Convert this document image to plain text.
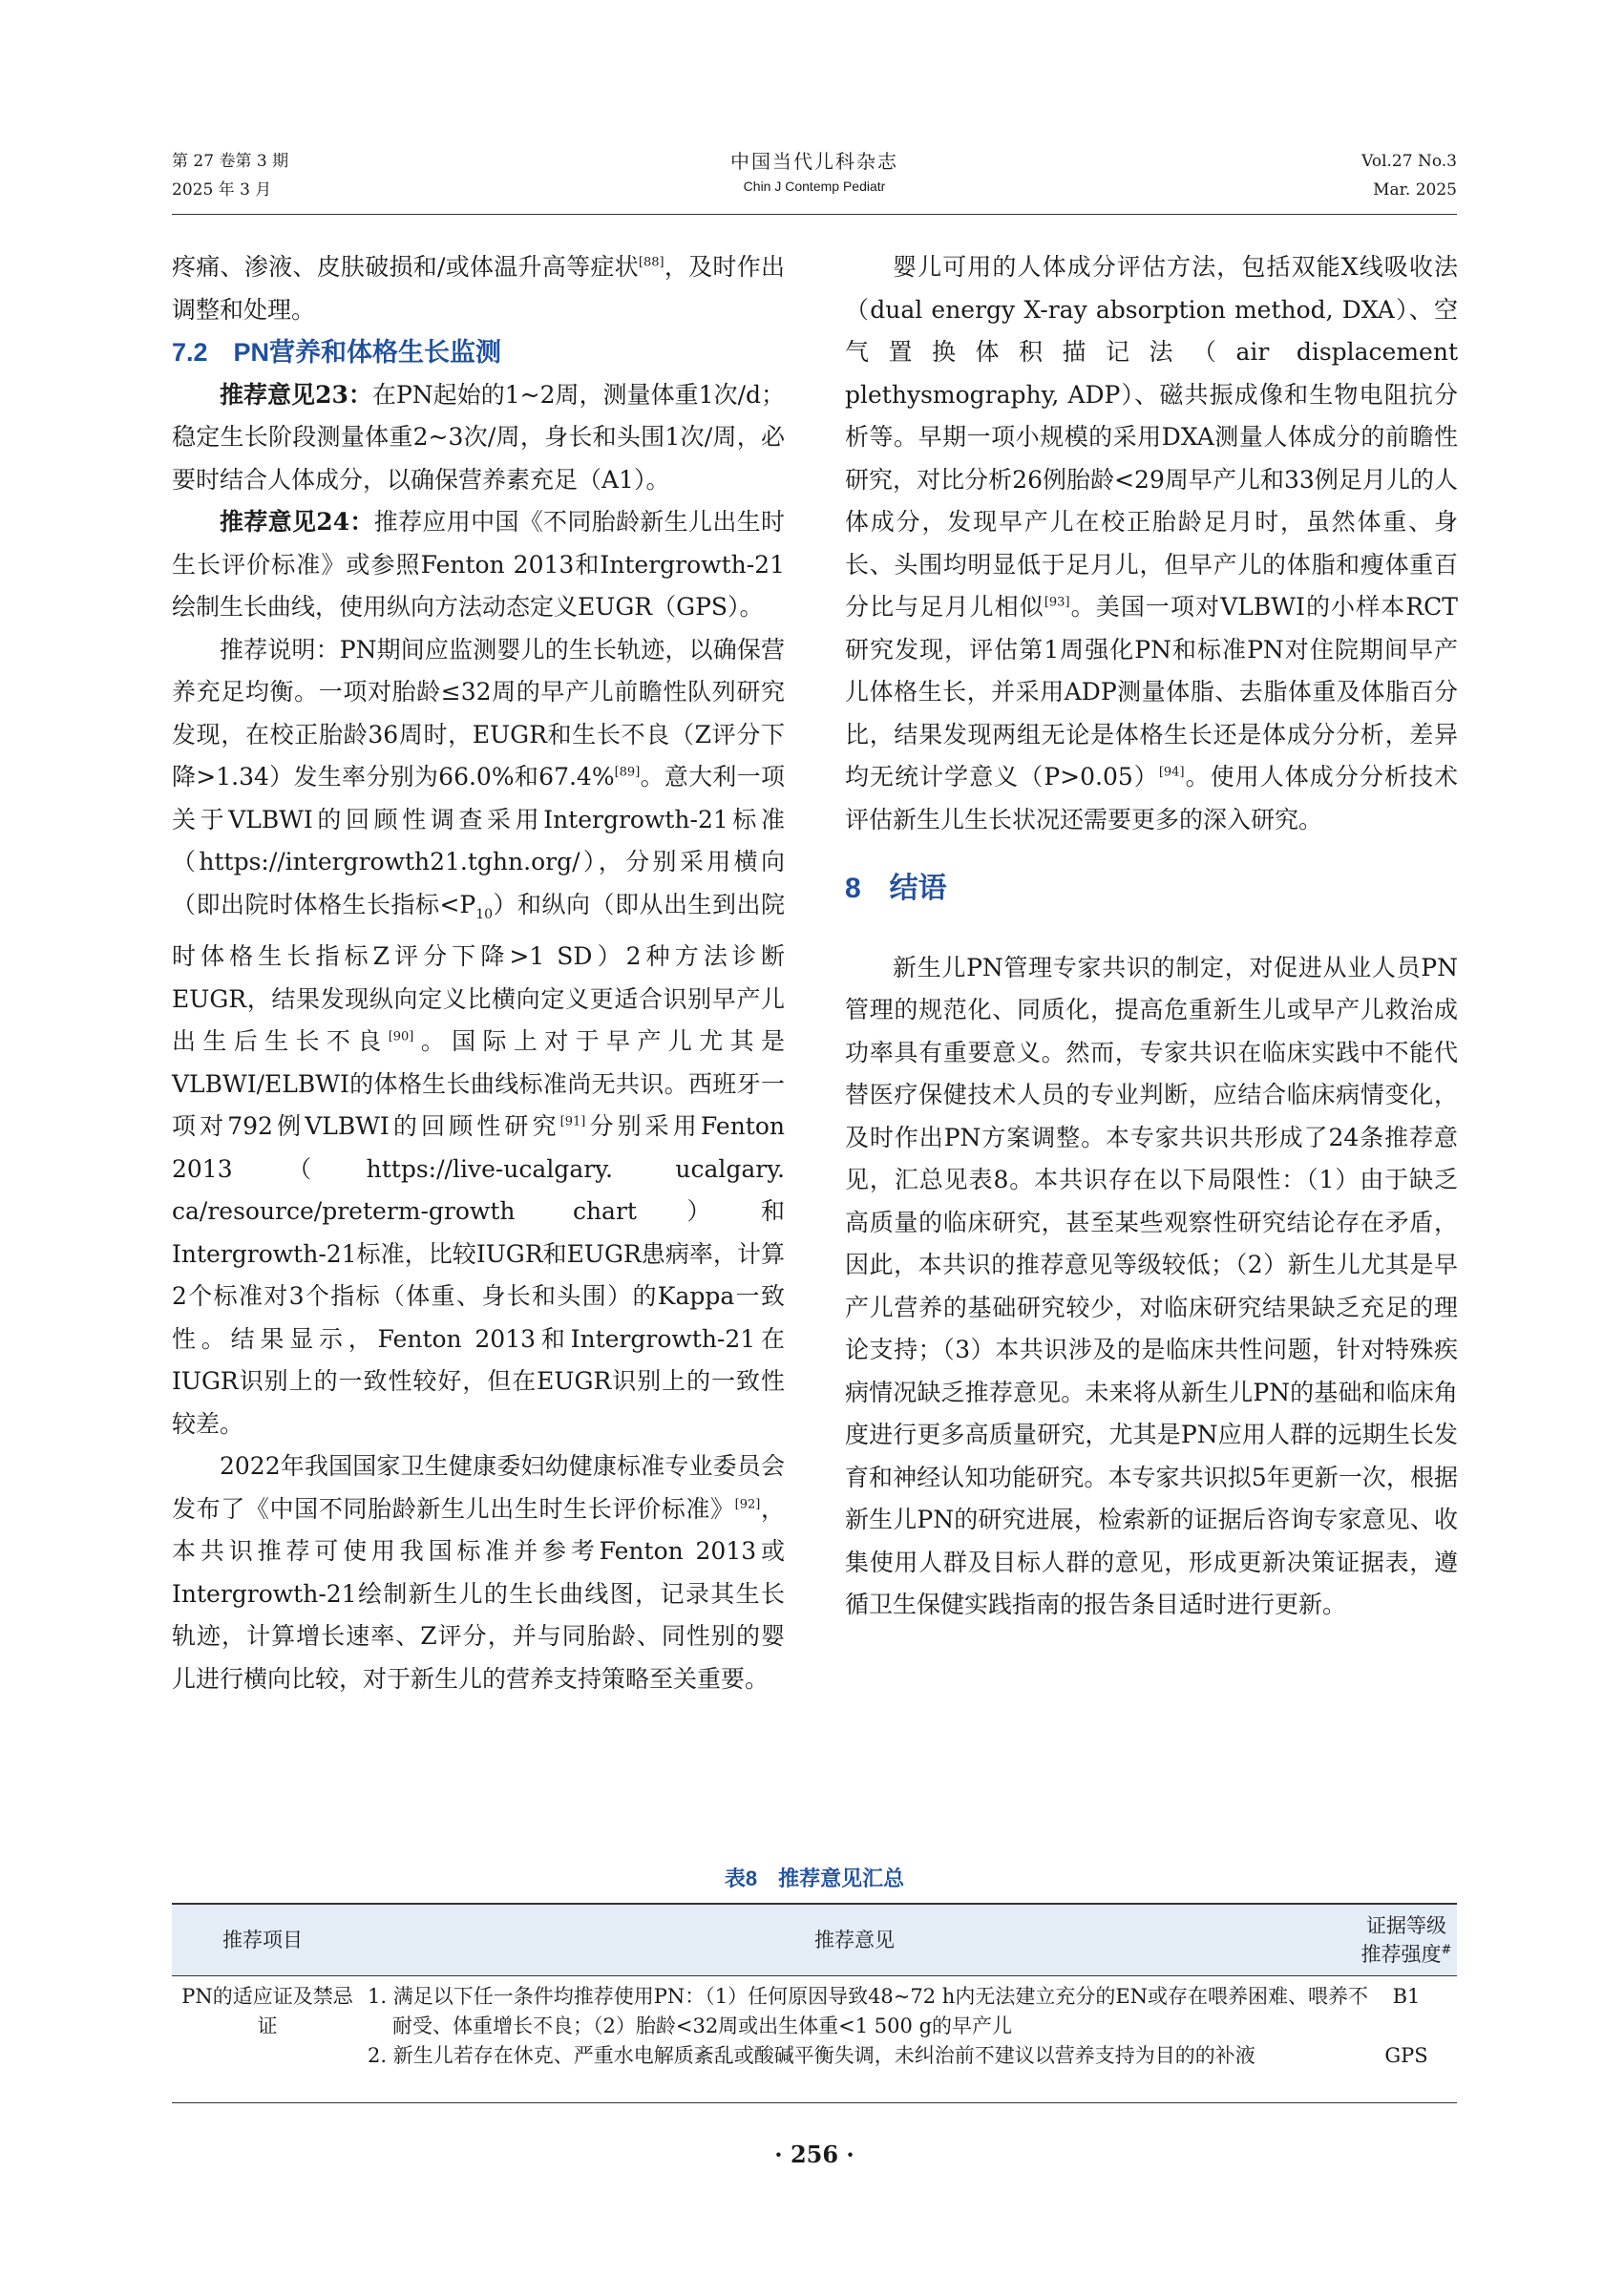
第 27 卷第 3 期
2025 年 3 月
中国当代儿科杂志
Chin J Contemp Pediatr
Vol.27 No.3
Mar. 2025

疼痛、渗液、皮肤破损和/或体温升高等症状[88]，及时作出调整和处理。

7.2　PN营养和体格生长监测

推荐意见23：在PN起始的1~2周，测量体重1次/d；稳定生长阶段测量体重2~3次/周，身长和头围1次/周，必要时结合人体成分，以确保营养素充足（A1）。

推荐意见24：推荐应用中国《不同胎龄新生儿出生时生长评价标准》或参照Fenton 2013和Intergrowth-21绘制生长曲线，使用纵向方法动态定义EUGR（GPS）。

推荐说明：PN期间应监测婴儿的生长轨迹，以确保营养充足均衡。一项对胎龄≤32周的早产儿前瞻性队列研究发现，在校正胎龄36周时，EUGR和生长不良（Z评分下降>1.34）发生率分别为66.0%和67.4%[89]。意大利一项关于VLBWI的回顾性调查采用Intergrowth-21标准（https://intergrowth21.tghn.org/），分别采用横向（即出院时体格生长指标$<P_{10}$）和纵向（即从出生到出院时体格生长指标Z评分下降>1 SD）2种方法诊断EUGR，结果发现纵向定义比横向定义更适合识别早产儿出生后生长不良[90]。国际上对于早产儿尤其是VLBWI/ELBWI的体格生长曲线标准尚无共识。西班牙一项对792例VLBWI的回顾性研究[91]分别采用Fenton 2013（https://live-ucalgary. ucalgary. ca/resource/preterm-growth chart）和Intergrowth-21标准，比较IUGR和EUGR患病率，计算2个标准对3个指标（体重、身长和头围）的Kappa一致性。结果显示，Fenton 2013和Intergrowth-21在IUGR识别上的一致性较好，但在EUGR识别上的一致性较差。

2022年我国国家卫生健康委妇幼健康标准专业委员会发布了《中国不同胎龄新生儿出生时生长评价标准》[92]，本共识推荐可使用我国标准并参考Fenton 2013或Intergrowth-21绘制新生儿的生长曲线图，记录其生长轨迹，计算增长速率、Z评分，并与同胎龄、同性别的婴儿进行横向比较，对于新生儿的营养支持策略至关重要。

婴儿可用的人体成分评估方法，包括双能X线吸收法（dual energy X-ray absorption method, DXA）、空气置换体积描记法（air displacement plethysmography, ADP）、磁共振成像和生物电阻抗分析等。早期一项小规模的采用DXA测量人体成分的前瞻性研究，对比分析26例胎龄<29周早产儿和33例足月儿的人体成分，发现早产儿在校正胎龄足月时，虽然体重、身长、头围均明显低于足月儿，但早产儿的体脂和瘦体重百分比与足月儿相似[93]。美国一项对VLBWI的小样本RCT研究发现，评估第1周强化PN和标准PN对住院期间早产儿体格生长，并采用ADP测量体脂、去脂体重及体脂百分比，结果发现两组无论是体格生长还是体成分分析，差异均无统计学意义（P>0.05）[94]。使用人体成分分析技术评估新生儿生长状况还需要更多的深入研究。

8　结语

新生儿PN管理专家共识的制定，对促进从业人员PN管理的规范化、同质化，提高危重新生儿或早产儿救治成功率具有重要意义。然而，专家共识在临床实践中不能代替医疗保健技术人员的专业判断，应结合临床病情变化，及时作出PN方案调整。本专家共识共形成了24条推荐意见，汇总见表8。本共识存在以下局限性：（1）由于缺乏高质量的临床研究，甚至某些观察性研究结论存在矛盾，因此，本共识的推荐意见等级较低；（2）新生儿尤其是早产儿营养的基础研究较少，对临床研究结果缺乏充足的理论支持；（3）本共识涉及的是临床共性问题，针对特殊疾病情况缺乏推荐意见。未来将从新生儿PN的基础和临床角度进行更多高质量研究，尤其是PN应用人群的远期生长发育和神经认知功能研究。本专家共识拟5年更新一次，根据新生儿PN的研究进展，检索新的证据后咨询专家意见、收集使用人群及目标人群的意见，形成更新决策证据表，遵循卫生保健实践指南的报告条目适时进行更新。

表8　推荐意见汇总
推荐项目	推荐意见
证据等级
推荐强度#
PN的适应证及禁忌证
1. 满足以下任一条件均推荐使用PN：（1）任何原因导致48~72 h内无法建立充分的EN或存在喂养困难、喂养不耐受、体重增长不良；（2）胎龄<32周或出生体重<1 500 g的早产儿
B1
2. 新生儿若存在休克、严重水电解质紊乱或酸碱平衡失调，未纠治前不建议以营养支持为目的的补液	GPS
· 256 ·
